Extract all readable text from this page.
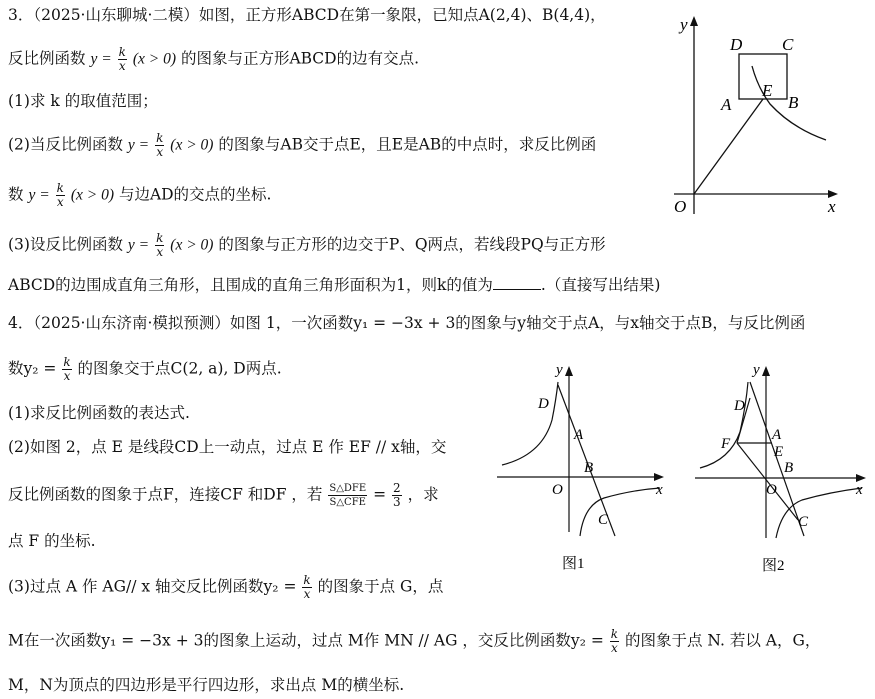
3．（2025·山东聊城·二模）如图，正方形ABCD在第一象限，已知点A(2,4)、B(4,4)，
反比例函数 $y = \frac{k}{x} (x > 0)$ 的图象与正方形ABCD的边有交点.
(1)求 k 的取值范围；
(2)当反比例函数 $y = \frac{k}{x} (x > 0)$ 的图象与AB交于点E，且E是AB的中点时，求反比例函
数 $y = \frac{k}{x} (x > 0)$ 与边AD的交点的坐标.
(3)设反比例函数 $y = \frac{k}{x} (x > 0)$ 的图象与正方形的边交于P、Q两点，若线段PQ与正方形
ABCD的边围成直角三角形，且围成的直角三角形面积为1，则k的值为	.（直接写出结果)
y
x
O
D C
A
E
B
4．（2025·山东济南·模拟预测）如图 1，一次函数y₁ = −3x + 3的图象与y轴交于点A，与x轴交于点B，与反比例函
数$y_2 = \frac{k}{x}$ 的图象交于点C(2, a), D两点.
(1)求反比例函数的表达式.
(2)如图 2，点 E 是线段CD上一动点，过点 E 作 EF // x轴，交
反比例函数的图象于点F，连接CF 和DF ，若 $\frac{\text{S△DFE}}{\text{S△CFE}} = \frac{2}{3}$ ，求
点 F 的坐标.
(3)过点 A 作 AG// x 轴交反比例函数$y_2 = \frac{k}{x}$ 的图象于点 G，点
M在一次函数y₁ = −3x + 3的图象上运动，过点 M作 MN // AG ，交反比例函数$y_2 = \frac{k}{x}$ 的图象于点 N. 若以 A，G，
M，N为顶点的四边形是平行四边形，求出点 M的横坐标.
y
x
O
D
A
B
C
图1
y
x
O
D
F
A
E
B
C
图2
